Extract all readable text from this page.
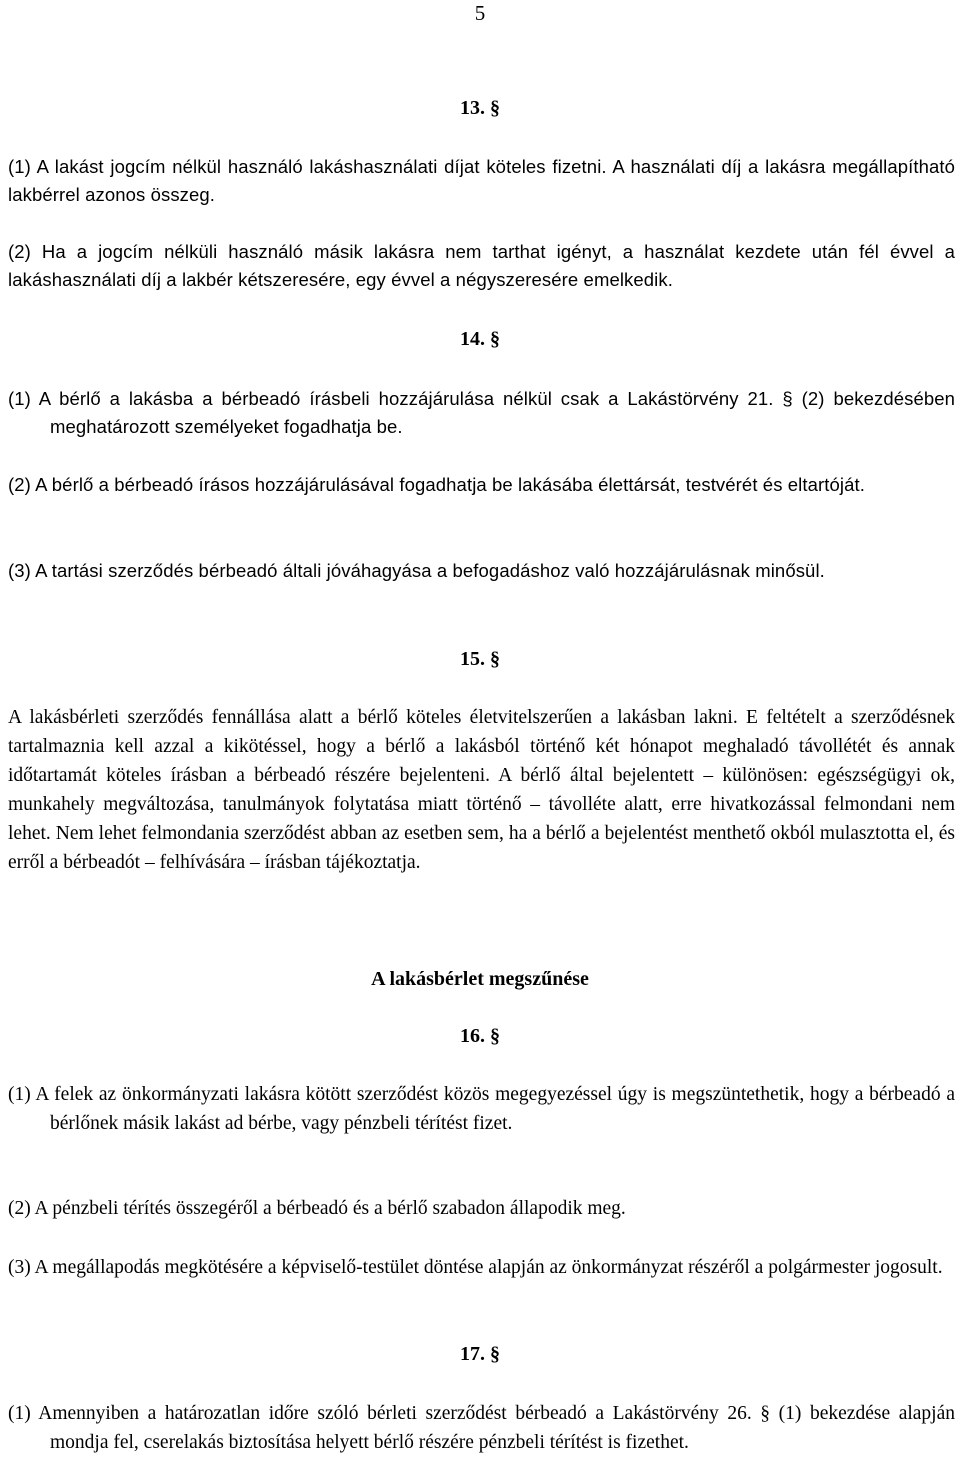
5
13. §
(1) A lakást jogcím nélkül használó lakáshasználati díjat köteles fizetni. A használati díj a lakásra megállapítható lakbérrel azonos összeg.
(2) Ha a jogcím nélküli használó másik lakásra nem tarthat igényt, a használat kezdete után fél évvel a lakáshasználati díj a lakbér kétszeresére, egy évvel a négyszeresére emelkedik.
14. §
(1) A bérlő a lakásba a bérbeadó írásbeli hozzájárulása nélkül csak a Lakástörvény 21. § (2) bekezdésében meghatározott személyeket fogadhatja be.
(2) A bérlő a bérbeadó írásos hozzájárulásával fogadhatja be lakásába élettársát, testvérét és eltartóját.
(3) A tartási szerződés bérbeadó általi jóváhagyása a befogadáshoz való hozzájárulásnak minősül.
15. §
A lakásbérleti szerződés fennállása alatt a bérlő köteles életvitelszerűen a lakásban lakni. E feltételt a szerződésnek tartalmaznia kell azzal a kikötéssel, hogy a bérlő a lakásból történő két hónapot meghaladó távollétét és annak időtartamát köteles írásban a bérbeadó részére bejelenteni. A bérlő által bejelentett – különösen: egészségügyi ok, munkahely megváltozása, tanulmányok folytatása miatt történő – távolléte alatt, erre hivatkozással felmondani nem lehet. Nem lehet felmondania szerződést abban az esetben sem, ha a bérlő a bejelentést menthető okból mulasztotta el, és erről a bérbeadót – felhívására – írásban tájékoztatja.
A lakásbérlet megszűnése
16. §
(1) A felek az önkormányzati lakásra kötött szerződést közös megegyezéssel úgy is megszüntethetik, hogy a bérbeadó a bérlőnek másik lakást ad bérbe, vagy pénzbeli térítést fizet.
(2) A pénzbeli térítés összegéről a bérbeadó és a bérlő szabadon állapodik meg.
(3) A megállapodás megkötésére a képviselő-testület döntése alapján az önkormányzat részéről a polgármester jogosult.
17. §
(1) Amennyiben a határozatlan időre szóló bérleti szerződést bérbeadó a Lakástörvény 26. § (1) bekezdése alapján mondja fel, cserelakás biztosítása helyett bérlő részére pénzbeli térítést is fizethet.
